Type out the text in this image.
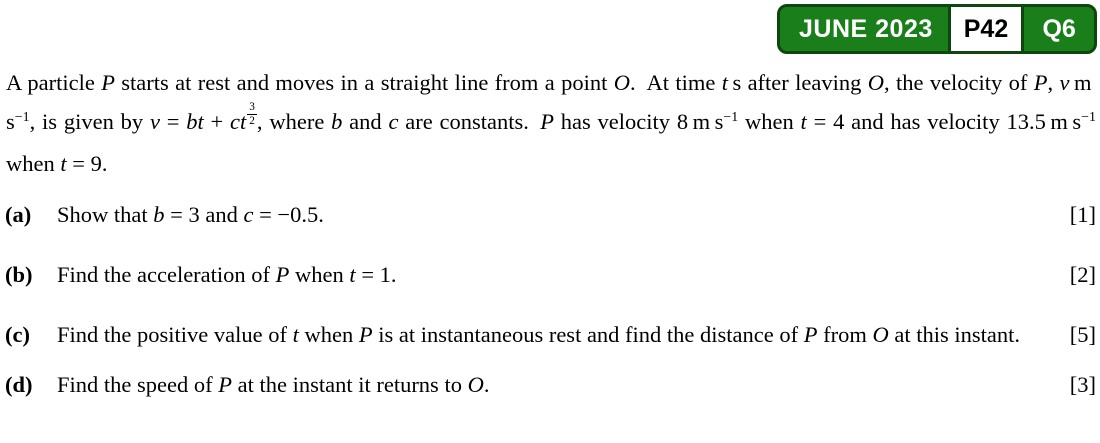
JUNE 2023	P42	Q6

A particle P starts at rest and moves in a straight line from a point O.  At time t s after leaving O, the velocity of P, v m $s^{-1}$, is given by v = bt + ct $\frac{3}{2}$ , where b and c are constants.  P has velocity 8 m $s^{-1}$ when t = 4 and has velocity 13.5 m $s^{-1}$ when t = 9.

(a) Show that b = 3 and c = −0.5.	[1]
(b) Find the acceleration of P when t = 1.	[2]
(c) Find the positive value of t when P is at instantaneous rest and find the distance of P from O at this instant. [5]
(d) Find the speed of P at the instant it returns to O.	[3]
